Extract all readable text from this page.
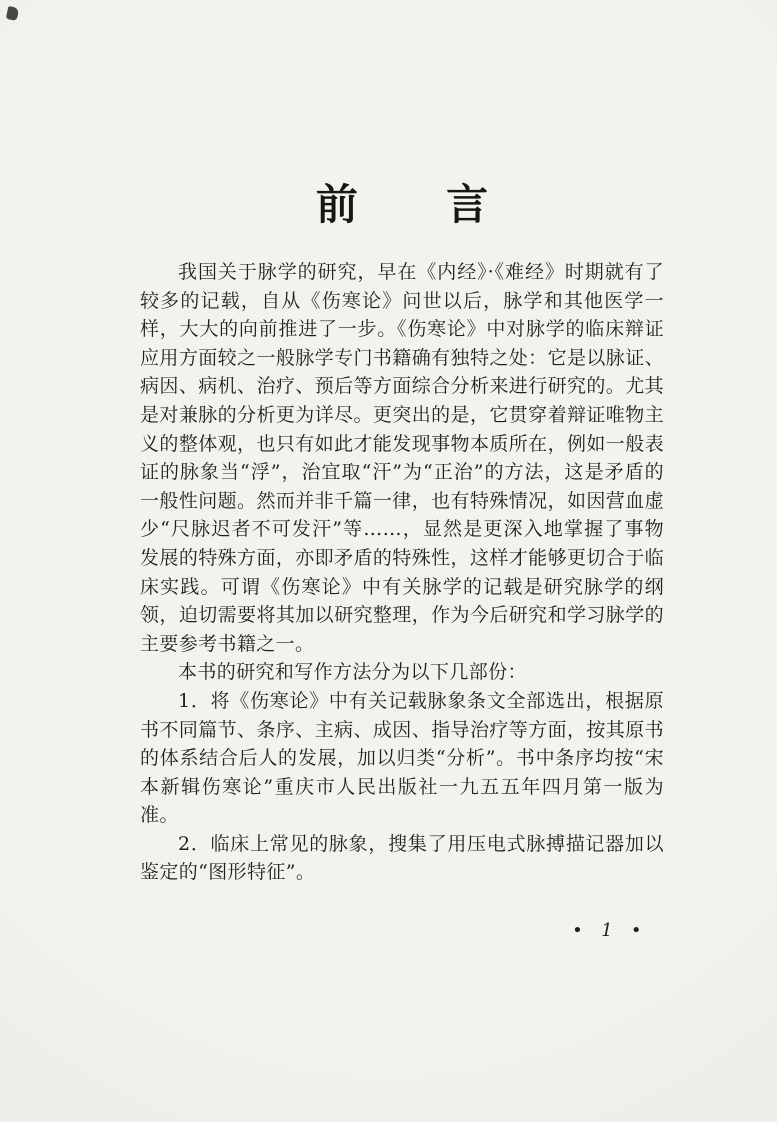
前　言

我国关于脉学的研究，早在《内经》·《难经》时期就有了较多的记载，自从《伤寒论》问世以后，脉学和其他医学一样，大大的向前推进了一步。《伤寒论》中对脉学的临床辩证应用方面较之一般脉学专门书籍确有独特之处：它是以脉证、病因、病机、治疗、预后等方面综合分析来进行研究的。尤其是对兼脉的分析更为详尽。更突出的是，它贯穿着辩证唯物主义的整体观，也只有如此才能发现事物本质所在，例如一般表证的脉象当“浮”，治宜取“汗”为“正治”的方法，这是矛盾的一般性问题。然而并非千篇一律，也有特殊情况，如因营血虚少“尺脉迟者不可发汗”等……，显然是更深入地掌握了事物发展的特殊方面，亦即矛盾的特殊性，这样才能够更切合于临床实践。可谓《伤寒论》中有关脉学的记载是研究脉学的纲领，迫切需要将其加以研究整理，作为今后研究和学习脉学的主要参考书籍之一。

本书的研究和写作方法分为以下几部份：

1．将《伤寒论》中有关记载脉象条文全部选出，根据原书不同篇节、条序、主病、成因、指导治疗等方面，按其原书的体系结合后人的发展，加以归类“分析”。书中条序均按“宋本新辑伤寒论”重庆市人民出版社一九五五年四月第一版为准。

2．临床上常见的脉象，搜集了用压电式脉搏描记器加以鉴定的“图形特征”。

• 1 •
